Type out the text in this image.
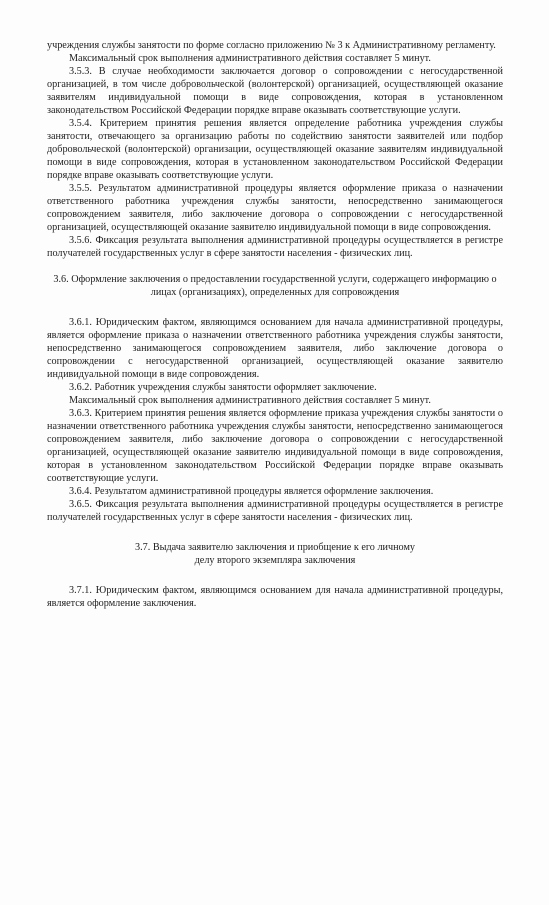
учреждения службы занятости по форме согласно приложению № 3 к Административному регламенту.

Максимальный срок выполнения административного действия составляет 5 минут.

3.5.3. В случае необходимости заключается договор о сопровождении с негосударственной организацией, в том числе добровольческой (волонтерской) организацией, осуществляющей оказание заявителям индивидуальной помощи в виде сопровождения, которая в установленном законодательством Российской Федерации порядке вправе оказывать соответствующие услуги.

3.5.4. Критерием принятия решения является определение работника учреждения службы занятости, отвечающего за организацию работы по содействию занятости заявителей или подбор добровольческой (волонтерской) организации, осуществляющей оказание заявителям индивидуальной помощи в виде сопровождения, которая в установленном законодательством Российской Федерации порядке вправе оказывать соответствующие услуги.

3.5.5. Результатом административной процедуры является оформление приказа о назначении ответственного работника учреждения службы занятости, непосредственно занимающегося сопровождением заявителя, либо заключение договора о сопровождении с негосударственной организацией, осуществляющей оказание заявителю индивидуальной помощи в виде сопровождения.

3.5.6. Фиксация результата выполнения административной процедуры осуществляется в регистре получателей государственных услуг в сфере занятости населения - физических лиц.

3.6. Оформление заключения о предоставлении государственной услуги, содержащего информацию о лицах (организациях), определенных для сопровождения

3.6.1. Юридическим фактом, являющимся основанием для начала административной процедуры, является оформление приказа о назначении ответственного работника учреждения службы занятости, непосредственно занимающегося сопровождением заявителя, либо заключение договора о сопровождении с негосударственной организацией, осуществляющей оказание заявителю индивидуальной помощи в виде сопровождения.

3.6.2. Работник учреждения службы занятости оформляет заключение.

Максимальный срок выполнения административного действия составляет 5 минут.

3.6.3. Критерием принятия решения является оформление приказа учреждения службы занятости о назначении ответственного работника учреждения службы занятости, непосредственно занимающегося сопровождением заявителя, либо заключение договора о сопровождении с негосударственной организацией, осуществляющей оказание заявителю индивидуальной помощи в виде сопровождения, которая в установленном законодательством Российской Федерации порядке вправе оказывать соответствующие услуги.

3.6.4. Результатом административной процедуры является оформление заключения.

3.6.5. Фиксация результата выполнения административной процедуры осуществляется в регистре получателей государственных услуг в сфере занятости населения - физических лиц.

3.7. Выдача заявителю заключения и приобщение к его личному

делу второго экземпляра заключения

3.7.1. Юридическим фактом, являющимся основанием для начала административной процедуры, является оформление заключения.
